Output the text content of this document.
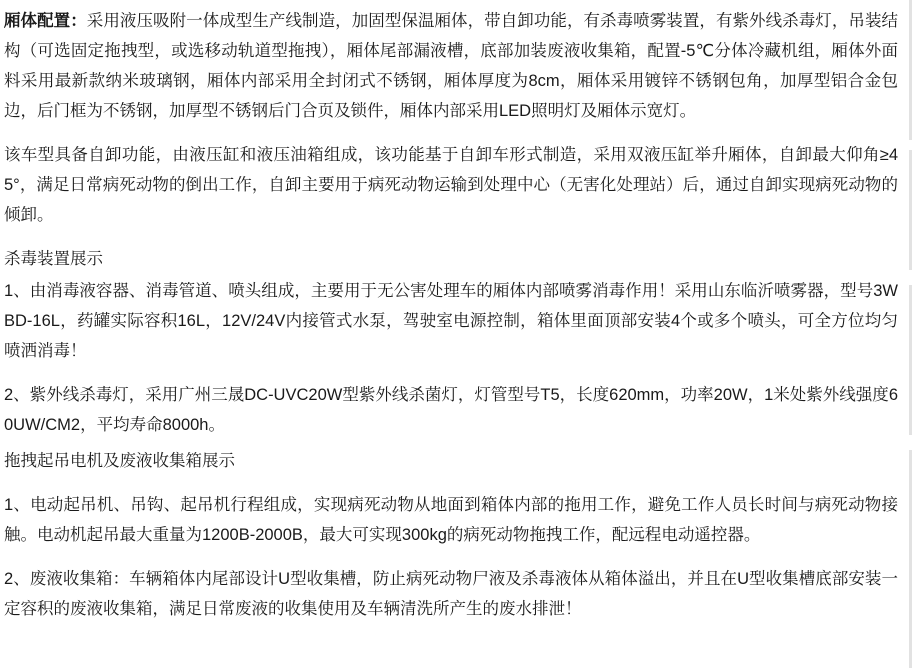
厢体配置：采用液压吸附一体成型生产线制造，加固型保温厢体，带自卸功能，有杀毒喷雾装置，有紫外线杀毒灯，吊装结构（可选固定拖拽型，或选移动轨道型拖拽），厢体尾部漏液槽，底部加装废液收集箱，配置-5℃分体冷藏机组，厢体外面料采用最新款纳米玻璃钢，厢体内部采用全封闭式不锈钢，厢体厚度为8cm，厢体采用镀锌不锈钢包角，加厚型铝合金包边，后门框为不锈钢，加厚型不锈钢后门合页及锁件，厢体内部采用LED照明灯及厢体示宽灯。

该车型具备自卸功能，由液压缸和液压油箱组成，该功能基于自卸车形式制造，采用双液压缸举升厢体，自卸最大仰角≥45°，满足日常病死动物的倒出工作，自卸主要用于病死动物运输到处理中心（无害化处理站）后，通过自卸实现病死动物的倾卸。

杀毒装置展示

1、由消毒液容器、消毒管道、喷头组成，主要用于无公害处理车的厢体内部喷雾消毒作用！采用山东临沂喷雾器，型号3WBD-16L，药罐实际容积16L，12V/24V内接管式水泵，驾驶室电源控制，箱体里面顶部安装4个或多个喷头，可全方位均匀喷洒消毒！

2、紫外线杀毒灯，采用广州三晟DC-UVC20W型紫外线杀菌灯，灯管型号T5，长度620mm，功率20W，1米处紫外线强度60UW/CM2，平均寿命8000h。

拖拽起吊电机及废液收集箱展示

1、电动起吊机、吊钩、起吊机行程组成，实现病死动物从地面到箱体内部的拖用工作，避免工作人员长时间与病死动物接触。电动机起吊最大重量为1200B-2000B，最大可实现300kg的病死动物拖拽工作，配远程电动遥控器。

2、废液收集箱：车辆箱体内尾部设计U型收集槽，防止病死动物尸液及杀毒液体从箱体溢出，并且在U型收集槽底部安装一定容积的废液收集箱，满足日常废液的收集使用及车辆清洗所产生的废水排泄！
